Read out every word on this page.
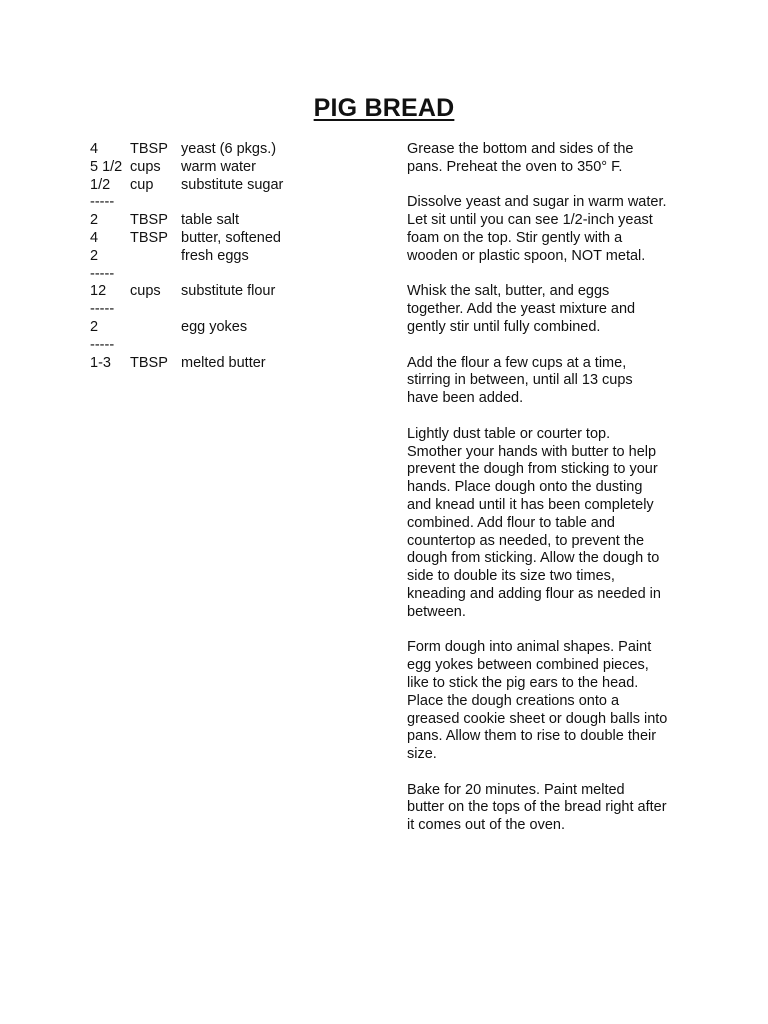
PIG BREAD
4 TBSP yeast (6 pkgs.)
5 1/2 cups warm water
1/2 cup substitute sugar
-----
2 TBSP table salt
4 TBSP butter, softened
2	fresh eggs
-----
12 cups substitute flour
-----
2	egg yokes
-----
1-3 TBSP melted butter

Grease the bottom and sides of the
pans. Preheat the oven to 350° F.

Dissolve yeast and sugar in warm water.
Let sit until you can see 1/2-inch yeast
foam on the top. Stir gently with a
wooden or plastic spoon, NOT metal.

Whisk the salt, butter, and eggs
together. Add the yeast mixture and
gently stir until fully combined.

Add the flour a few cups at a time,
stirring in between, until all 13 cups
have been added.

Lightly dust table or courter top.
Smother your hands with butter to help
prevent the dough from sticking to your
hands. Place dough onto the dusting
and knead until it has been completely
combined. Add flour to table and
countertop as needed, to prevent the
dough from sticking. Allow the dough to
side to double its size two times,
kneading and adding flour as needed in
between.

Form dough into animal shapes. Paint
egg yokes between combined pieces,
like to stick the pig ears to the head.
Place the dough creations onto a
greased cookie sheet or dough balls into
pans. Allow them to rise to double their
size.

Bake for 20 minutes. Paint melted
butter on the tops of the bread right after
it comes out of the oven.
